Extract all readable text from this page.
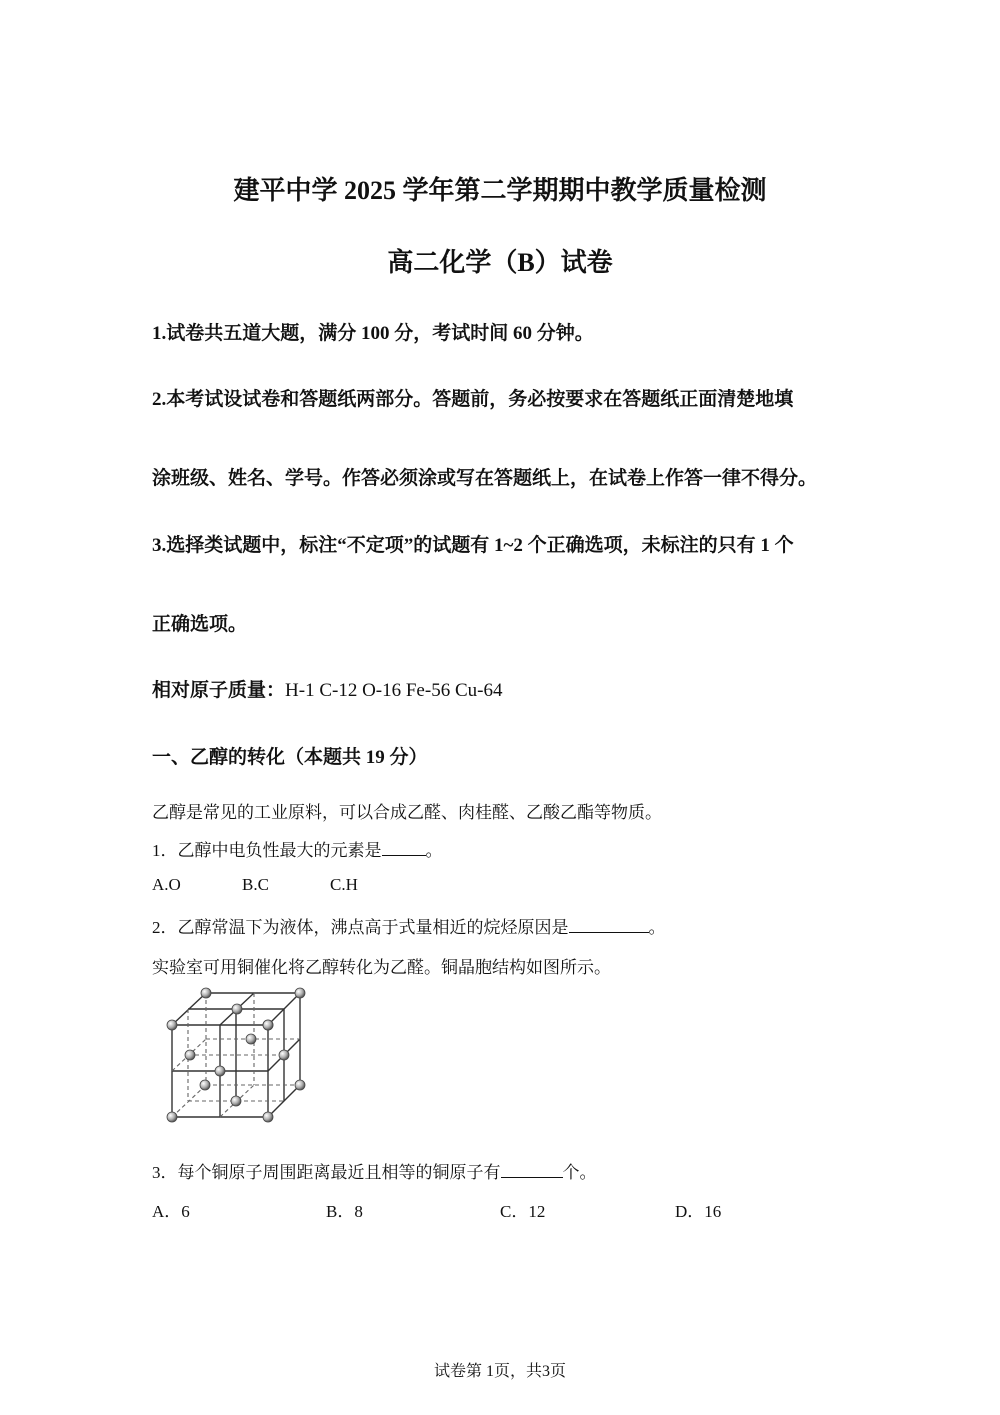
建平中学 2025 学年第二学期期中教学质量检测
高二化学（B）试卷
1.试卷共五道大题，满分 100 分，考试时间 60 分钟。
2.本考试设试卷和答题纸两部分。答题前，务必按要求在答题纸正面清楚地填
涂班级、姓名、学号。作答必须涂或写在答题纸上，在试卷上作答一律不得分。
3.选择类试题中，标注“不定项”的试题有 1~2 个正确选项，未标注的只有 1 个
正确选项。
相对原子质量：H-1 C-12 O-16 Fe-56 Cu-64
一、乙醇的转化（本题共 19 分）
乙醇是常见的工业原料，可以合成乙醛、肉桂醛、乙酸乙酯等物质。
1．乙醇中电负性最大的元素是	。
A.O	B.C	C.H
2．乙醇常温下为液体，沸点高于式量相近的烷烃原因是	。
实验室可用铜催化将乙醇转化为乙醛。铜晶胞结构如图所示。
3．每个铜原子周围距离最近且相等的铜原子有	个。
A．6	B．8	C．12	D．16
试卷第 1页，共3页
